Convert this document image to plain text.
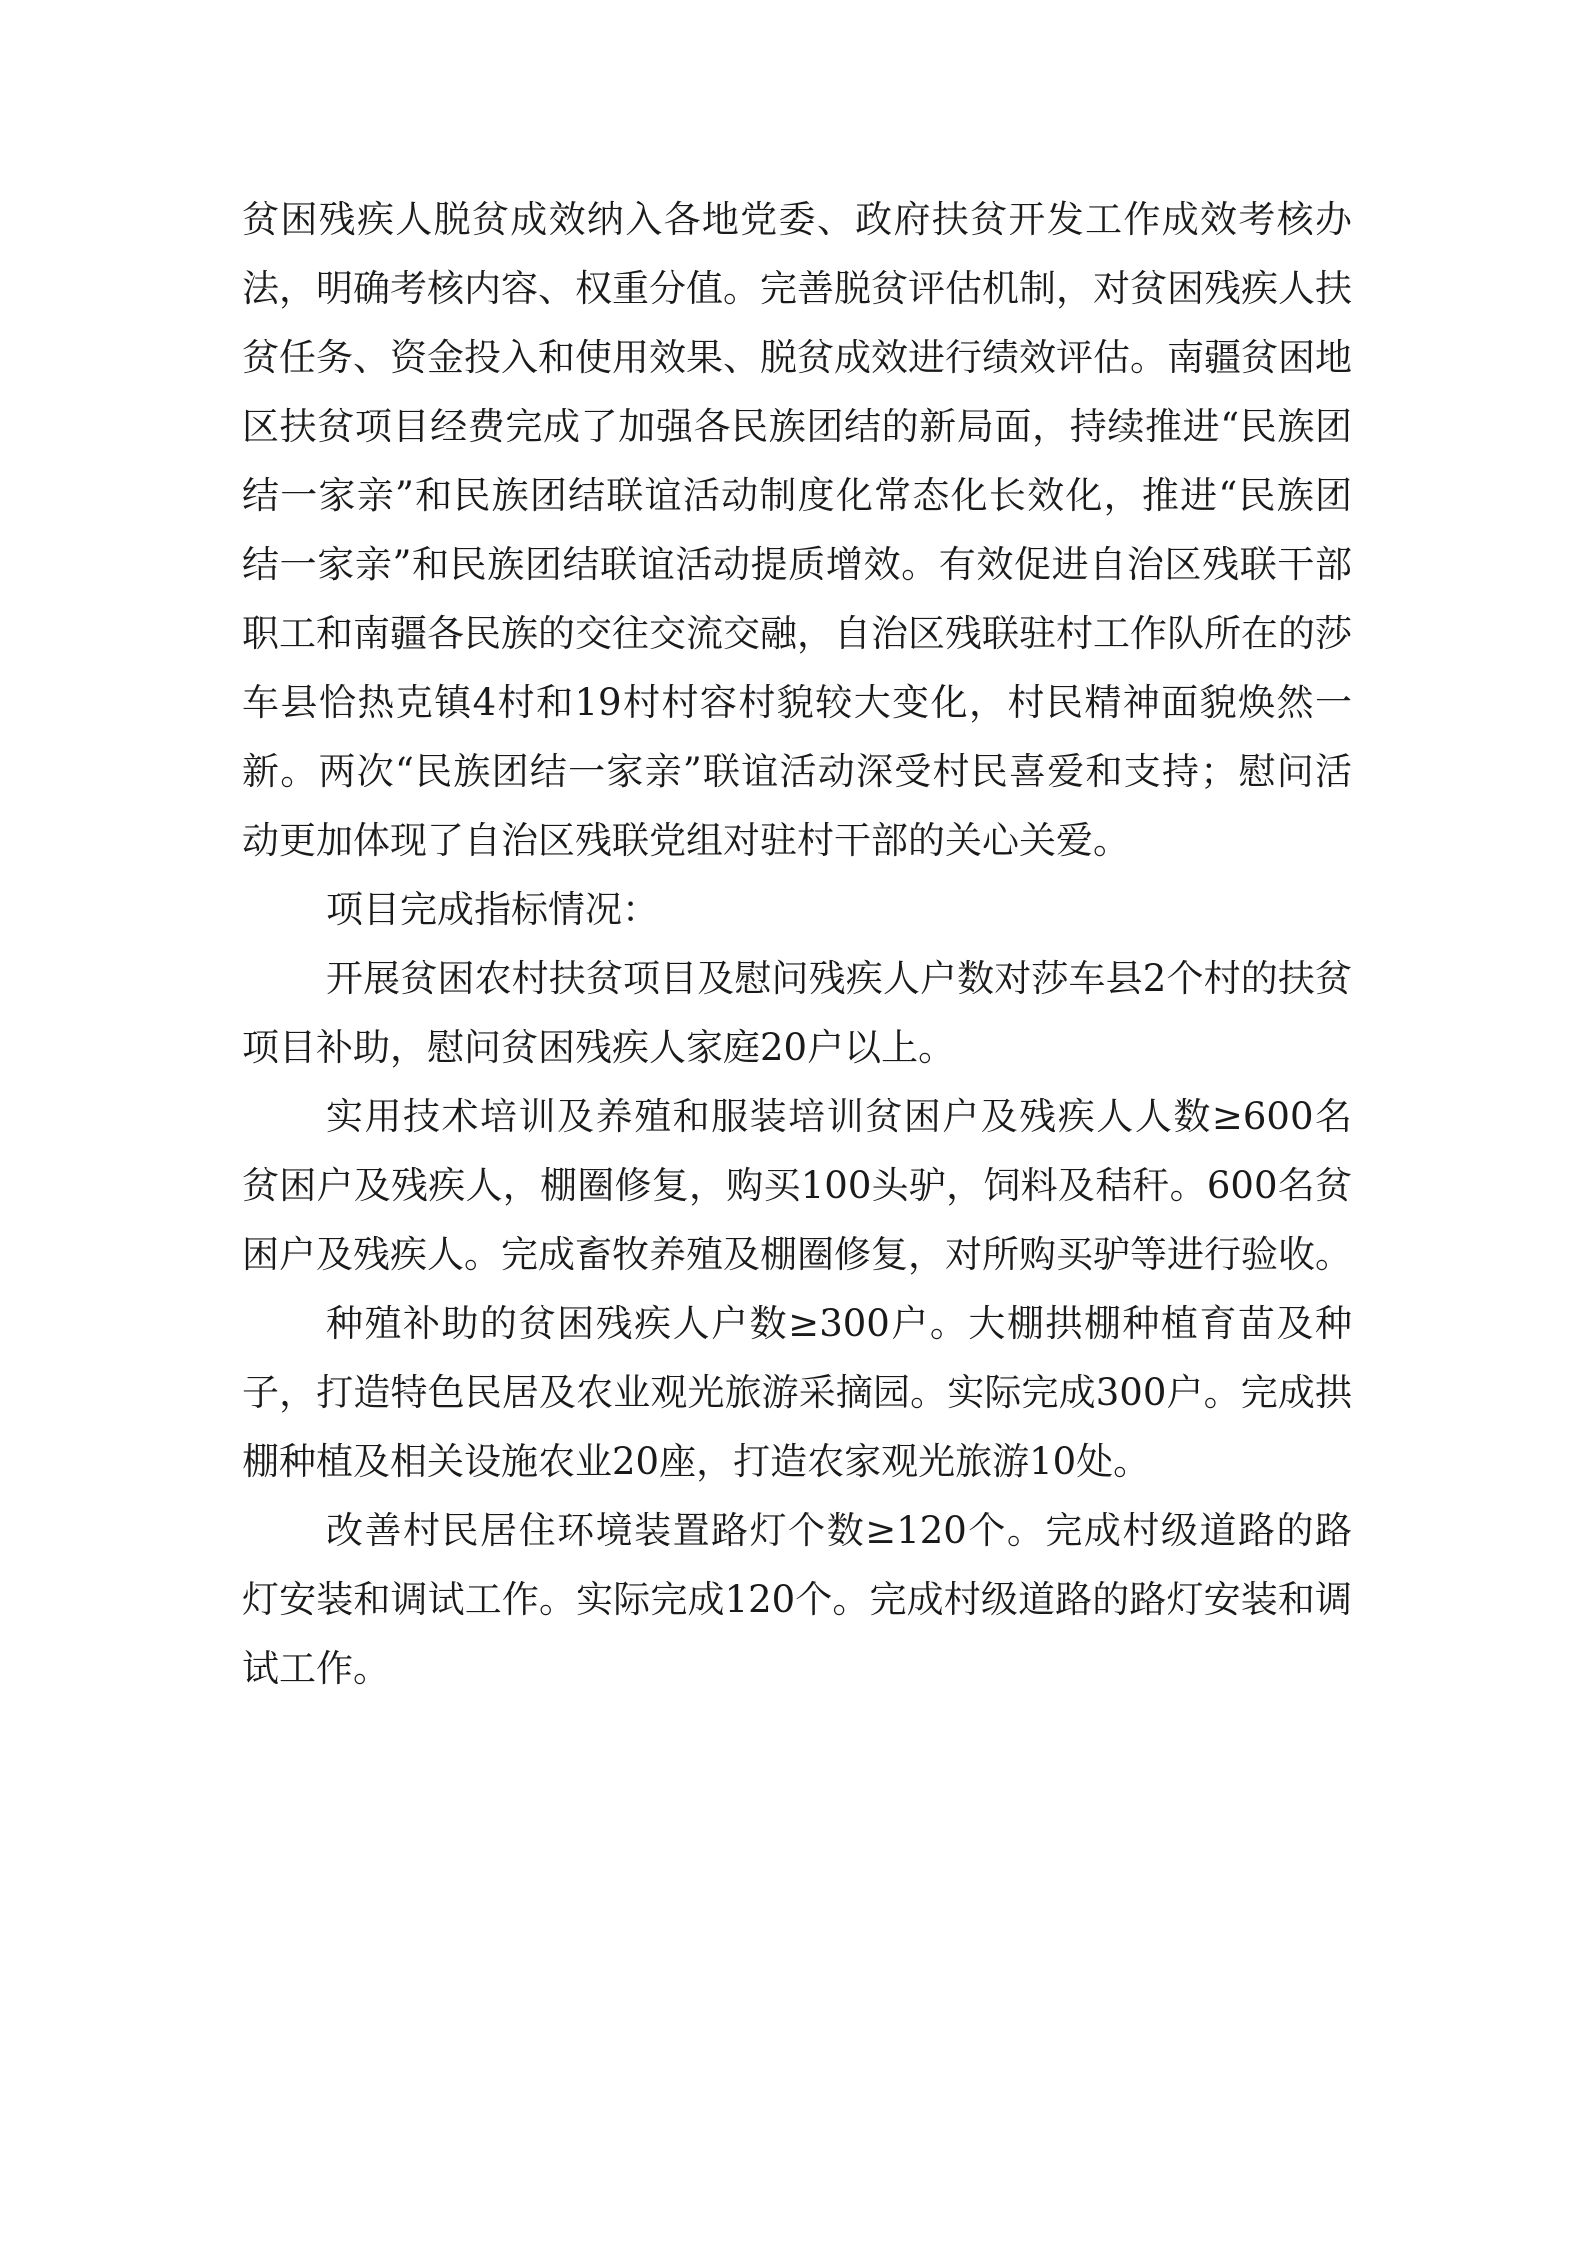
贫困残疾人脱贫成效纳入各地党委、政府扶贫开发工作成效考核办法，明确考核内容、权重分值。完善脱贫评估机制，对贫困残疾人扶贫任务、资金投入和使用效果、脱贫成效进行绩效评估。南疆贫困地区扶贫项目经费完成了加强各民族团结的新局面，持续推进“民族团结一家亲”和民族团结联谊活动制度化常态化长效化，推进“民族团结一家亲”和民族团结联谊活动提质增效。有效促进自治区残联干部职工和南疆各民族的交往交流交融，自治区残联驻村工作队所在的莎车县恰热克镇4村和19村村容村貌较大变化，村民精神面貌焕然一新。两次“民族团结一家亲”联谊活动深受村民喜爱和支持；慰问活动更加体现了自治区残联党组对驻村干部的关心关爱。

项目完成指标情况：

开展贫困农村扶贫项目及慰问残疾人户数对莎车县2个村的扶贫项目补助，慰问贫困残疾人家庭20户以上。

实用技术培训及养殖和服装培训贫困户及残疾人人数≥600名贫困户及残疾人，棚圈修复，购买100头驴，饲料及秸秆。600名贫困户及残疾人。完成畜牧养殖及棚圈修复，对所购买驴等进行验收。

种殖补助的贫困残疾人户数≥300户。大棚拱棚种植育苗及种子，打造特色民居及农业观光旅游采摘园。实际完成300户。完成拱棚种植及相关设施农业20座，打造农家观光旅游10处。

改善村民居住环境装置路灯个数≥120个。完成村级道路的路灯安装和调试工作。实际完成120个。完成村级道路的路灯安装和调试工作。
